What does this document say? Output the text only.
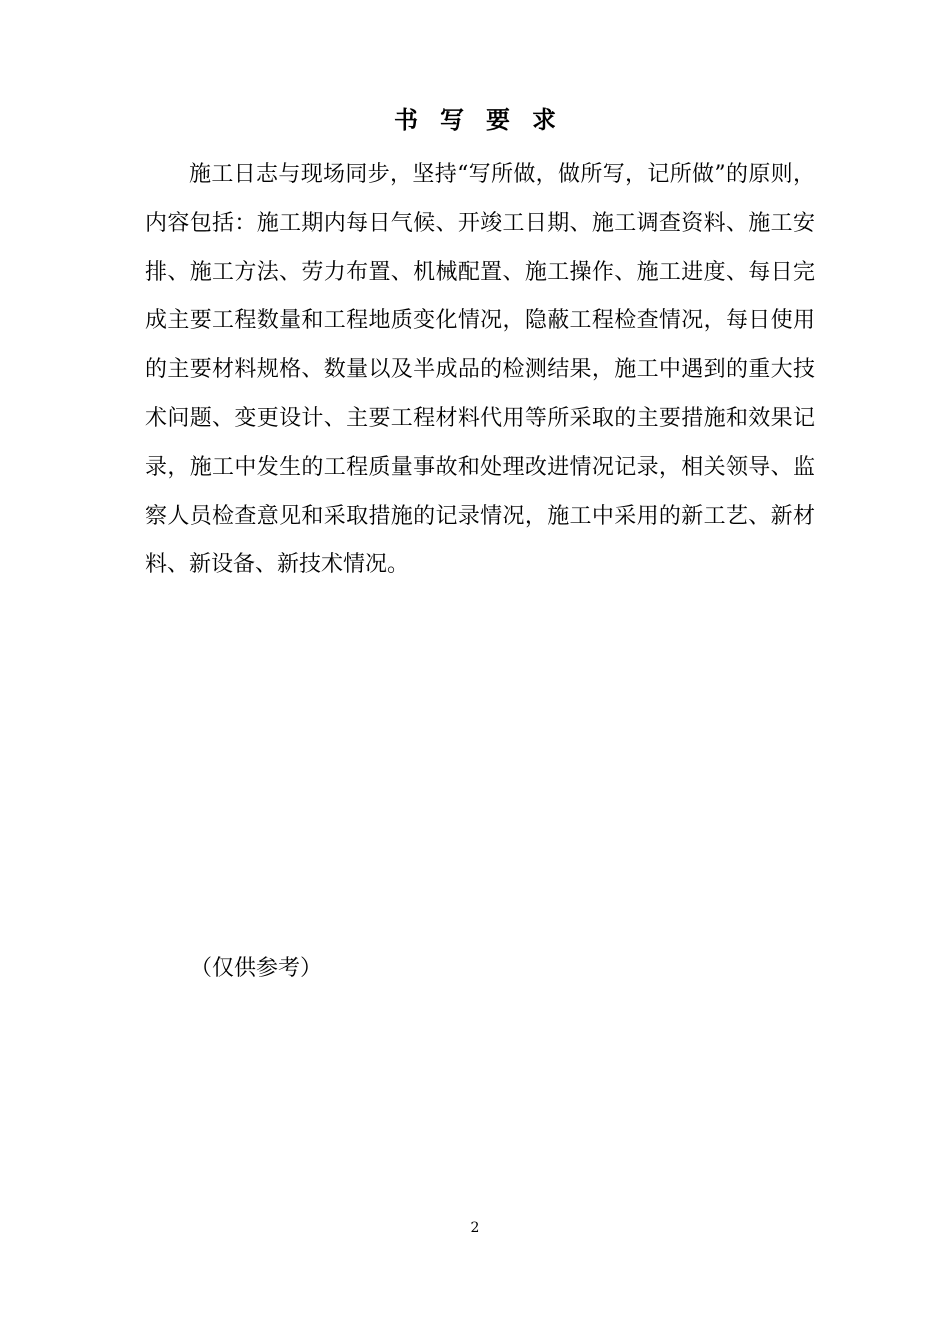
书写要求

施工日志与现场同步，坚持“写所做，做所写，记所做”的原则，内容包括：施工期内每日气候、开竣工日期、施工调查资料、施工安排、施工方法、劳力布置、机械配置、施工操作、施工进度、每日完成主要工程数量和工程地质变化情况，隐蔽工程检查情况，每日使用的主要材料规格、数量以及半成品的检测结果，施工中遇到的重大技术问题、变更设计、主要工程材料代用等所采取的主要措施和效果记录，施工中发生的工程质量事故和处理改进情况记录，相关领导、监察人员检查意见和采取措施的记录情况，施工中采用的新工艺、新材料、新设备、新技术情况。

（仅供参考）
2
